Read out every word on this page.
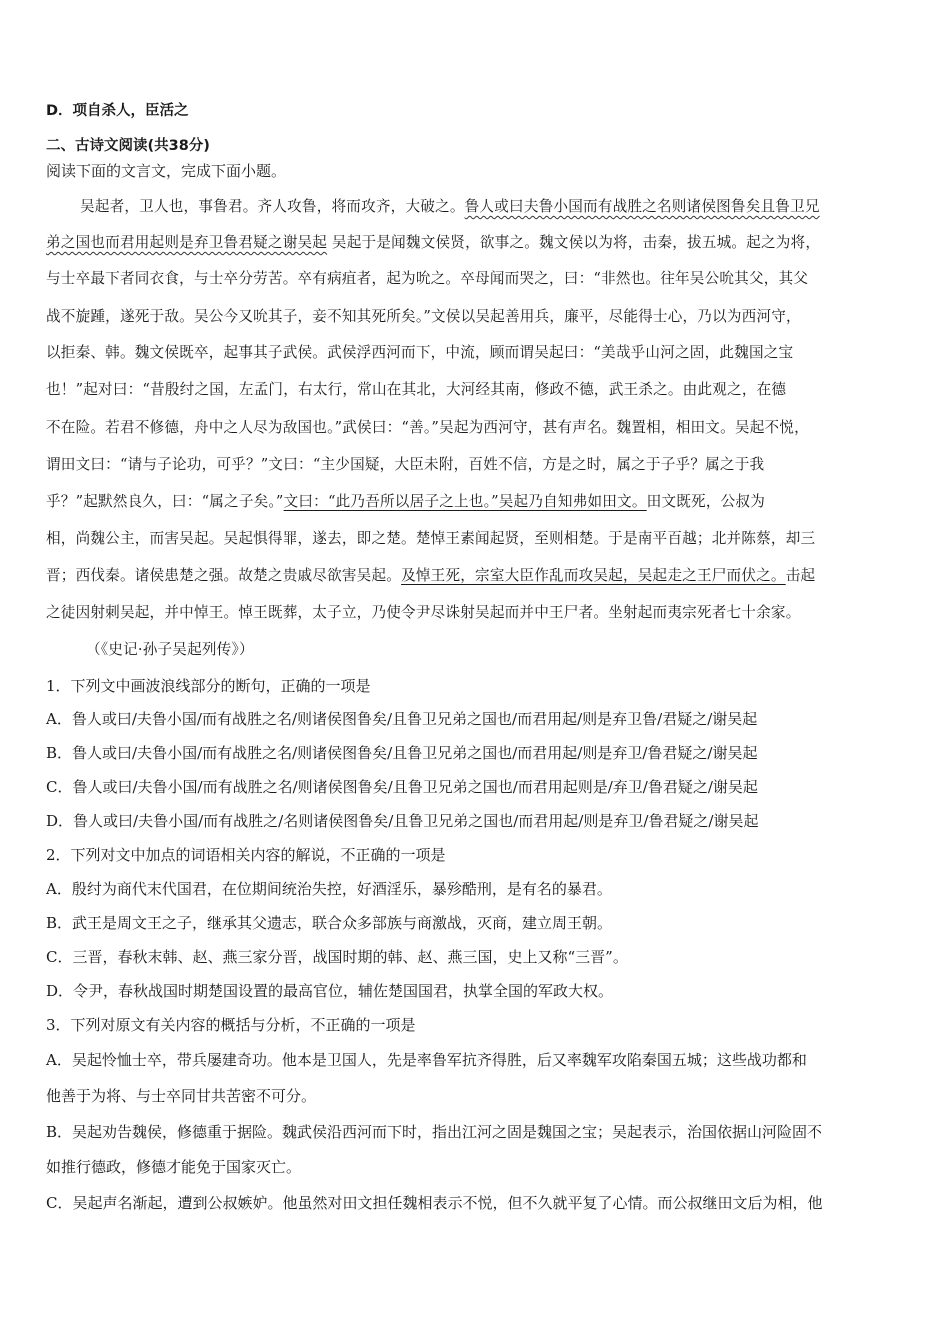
D．项自杀人，臣活之
二、古诗文阅读(共38分)
阅读下面的文言文，完成下面小题。
吴起者，卫人也，事鲁君。齐人攻鲁，将而攻齐，大破之。鲁人或曰夫鲁小国而有战胜之名则诸侯图鲁矣且鲁卫兄
弟之国也而君用起则是弃卫鲁君疑之谢吴起 吴起于是闻魏文侯贤，欲事之。魏文侯以为将，击秦，拔五城。起之为将，
与士卒最下者同衣食，与士卒分劳苦。卒有病疽者，起为吮之。卒母闻而哭之，曰：“非然也。往年吴公吮其父，其父
战不旋踵，遂死于敌。吴公今又吮其子，妾不知其死所矣。”文侯以吴起善用兵，廉平，尽能得士心，乃以为西河守，
以拒秦、韩。魏文侯既卒，起事其子武侯。武侯浮西河而下，中流，顾而谓吴起曰：“美哉乎山河之固，此魏国之宝
也！”起对曰：“昔殷纣之国，左孟门，右太行，常山在其北，大河经其南，修政不德，武王杀之。由此观之，在德
不在险。若君不修德，舟中之人尽为敌国也。”武侯曰：“善。”吴起为西河守，甚有声名。魏置相，相田文。吴起不悦，
谓田文曰：“请与子论功，可乎？”文曰：“主少国疑，大臣未附，百姓不信，方是之时，属之于子乎？属之于我
乎？”起默然良久，曰：“属之子矣。”文曰：“此乃吾所以居子之上也。”吴起乃自知弗如田文。田文既死，公叔为
相，尚魏公主，而害吴起。吴起惧得罪，遂去，即之楚。楚悼王素闻起贤，至则相楚。于是南平百越；北并陈蔡，却三
晋；西伐秦。诸侯患楚之强。故楚之贵戚尽欲害吴起。及悼王死，宗室大臣作乱而攻吴起，吴起走之王尸而伏之。击起
之徒因射刺吴起，并中悼王。悼王既葬，太子立，乃使令尹尽诛射吴起而并中王尸者。坐射起而夷宗死者七十余家。
（《史记·孙子吴起列传》）
1．下列文中画波浪线部分的断句，正确的一项是
A．鲁人或曰/夫鲁小国/而有战胜之名/则诸侯图鲁矣/且鲁卫兄弟之国也/而君用起/则是弃卫鲁/君疑之/谢吴起
B．鲁人或曰/夫鲁小国/而有战胜之名/则诸侯图鲁矣/且鲁卫兄弟之国也/而君用起/则是弃卫/鲁君疑之/谢吴起
C．鲁人或曰/夫鲁小国/而有战胜之名/则诸侯图鲁矣/且鲁卫兄弟之国也/而君用起则是/弃卫/鲁君疑之/谢吴起
D．鲁人或曰/夫鲁小国/而有战胜之/名则诸侯图鲁矣/且鲁卫兄弟之国也/而君用起/则是弃卫/鲁君疑之/谢吴起
2．下列对文中加点的词语相关内容的解说，不正确的一项是
A．殷纣为商代末代国君，在位期间统治失控，好酒淫乐，暴殄酷刑，是有名的暴君。
B．武王是周文王之子，继承其父遗志，联合众多部族与商激战，灭商，建立周王朝。
C．三晋，春秋末韩、赵、燕三家分晋，战国时期的韩、赵、燕三国，史上又称“三晋”。
D．令尹，春秋战国时期楚国设置的最高官位，辅佐楚国国君，执掌全国的军政大权。
3．下列对原文有关内容的概括与分析，不正确的一项是
A．吴起怜恤士卒，带兵屡建奇功。他本是卫国人，先是率鲁军抗齐得胜，后又率魏军攻陷秦国五城；这些战功都和
他善于为将、与士卒同甘共苦密不可分。
B．吴起劝告魏侯，修德重于据险。魏武侯沿西河而下时，指出江河之固是魏国之宝；吴起表示，治国依据山河险固不
如推行德政，修德才能免于国家灭亡。
C．吴起声名渐起，遭到公叔嫉妒。他虽然对田文担任魏相表示不悦，但不久就平复了心情。而公叔继田文后为相，他
